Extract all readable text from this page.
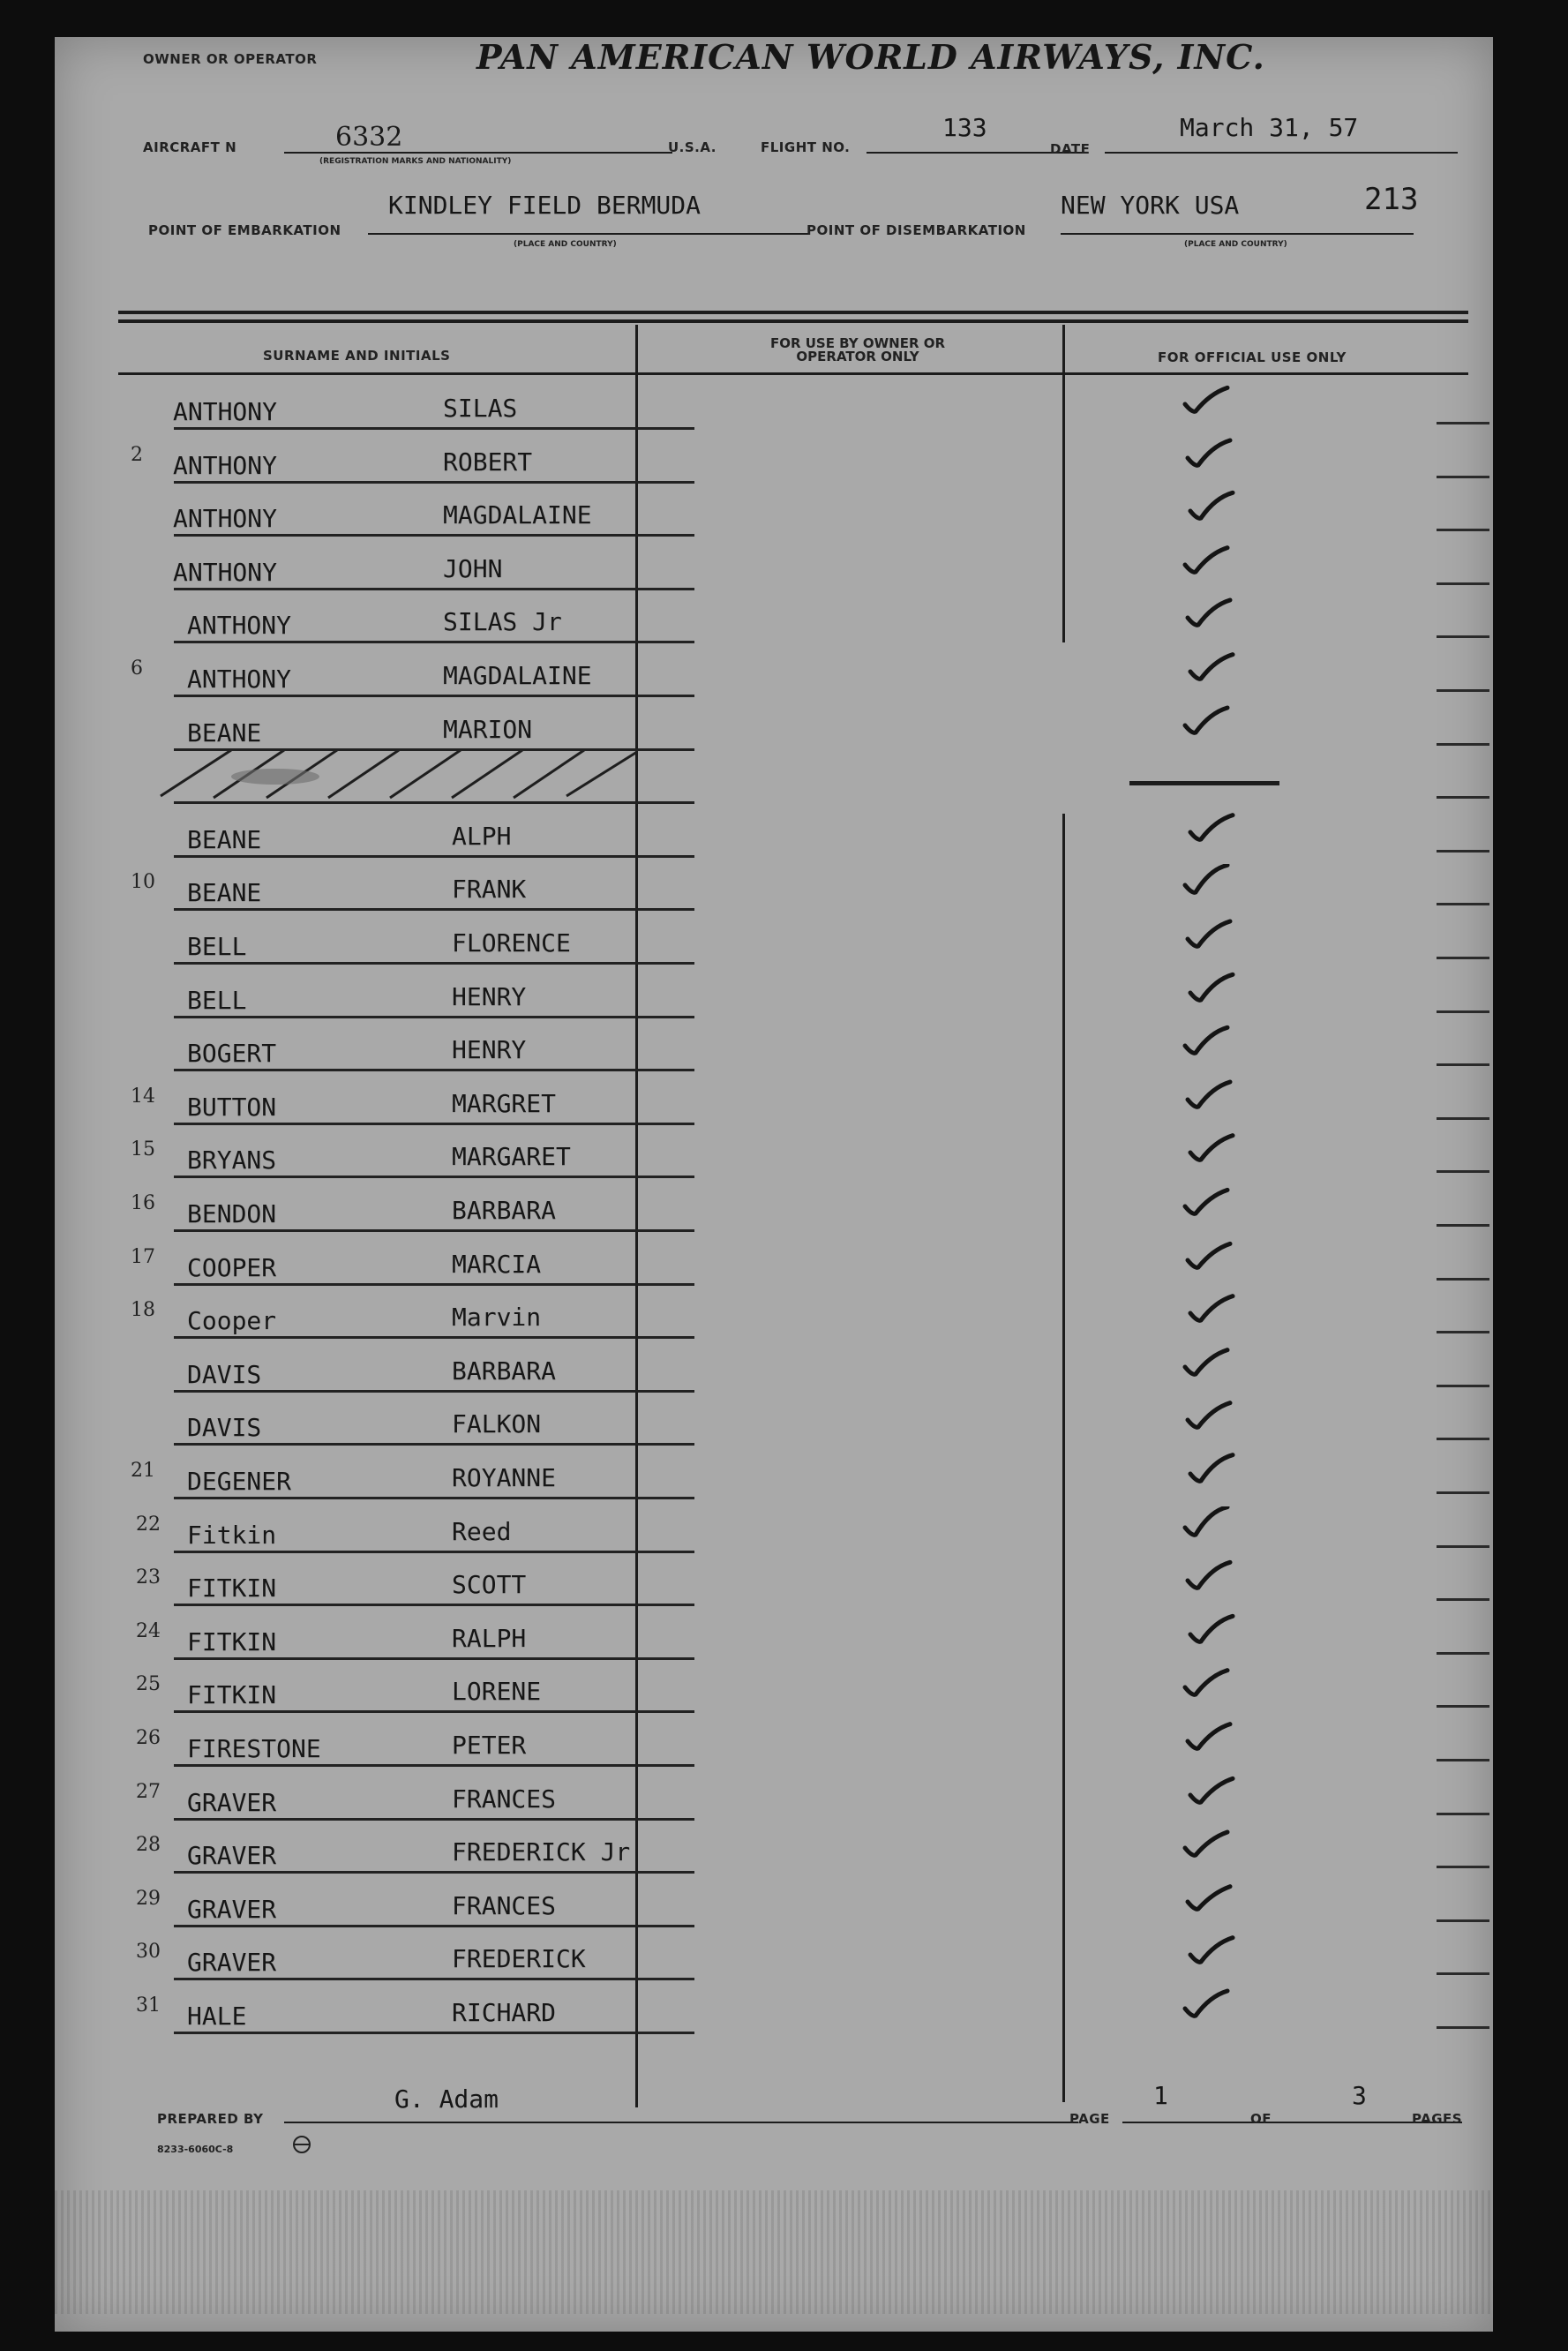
OWNER OR OPERATOR	PAN AMERICAN WORLD AIRWAYS, INC.
AIRCRAFT N	6332
(REGISTRATION MARKS AND NATIONALITY)
U.S.A.	FLIGHT NO.
133
DATE
March 31, 57
KINDLEY FIELD BERMUDA
POINT OF EMBARKATION
(PLACE AND COUNTRY)
POINT OF DISEMBARKATION
NEW YORK USA
(PLACE AND COUNTRY)
213
SURNAME AND INITIALS
FOR USE BY OWNER OR OPERATOR ONLY	FOR OFFICIAL USE ONLY
ANTHONY	SILAS
2 ANTHONY	ROBERT
ANTHONY	MAGDALAINE
ANTHONY	JOHN
ANTHONY	SILAS Jr
6 ANTHONY	MAGDALAINE
BEANE	MARION
BEANE	ALPH
10 BEANE	FRANK
BELL	FLORENCE
BELL	HENRY
BOGERT	HENRY
14 BUTTON	MARGRET
15 BRYANS	MARGARET
16 BENDON	BARBARA
17 COOPER	MARCIA
18 Cooper	Marvin
DAVIS	BARBARA
DAVIS	FALKON
21 DEGENER	ROYANNE
22 Fitkin	Reed
23 FITKIN	SCOTT
24 FITKIN	RALPH
25 FITKIN	LORENE
26 FIRESTONE	PETER
27 GRAVER	FRANCES
28 GRAVER	FREDERICK Jr
29 GRAVER	FRANCES
30 GRAVER	FREDERICK
31 HALE	RICHARD
PREPARED BY
G. Adam
PAGE
1
OF
3
PAGES
8233-6060C-8
